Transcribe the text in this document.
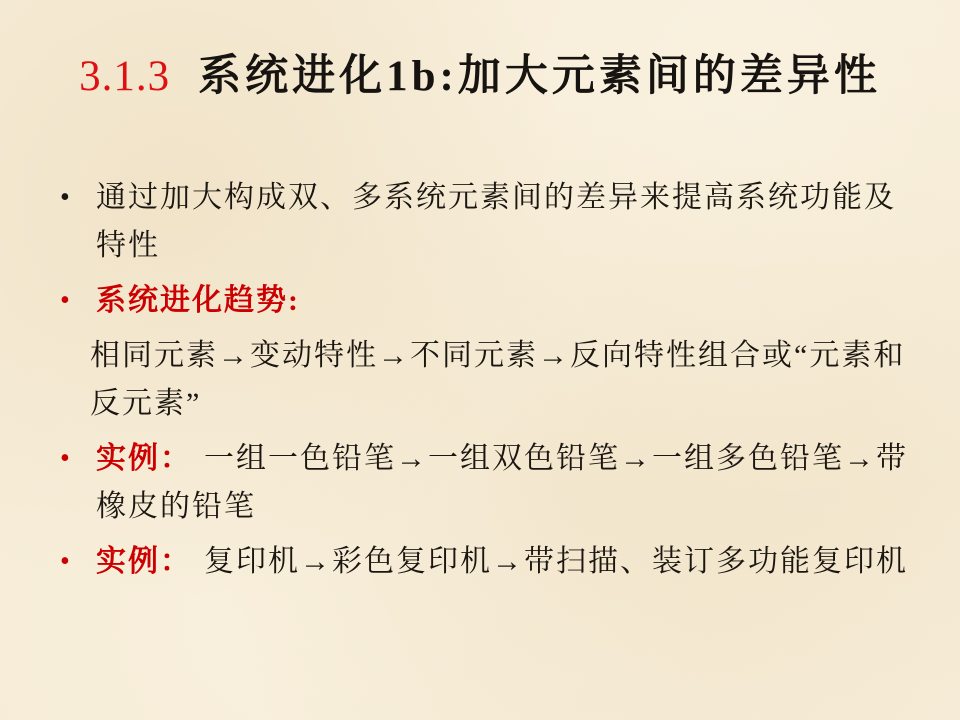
3.1.3 系统进化1b:加大元素间的差异性
• 通过加大构成双、多系统元素间的差异来提高系统功能及特性
• 系统进化趋势:
相同元素→变动特性→不同元素→反向特性组合或“元素和反元素”
• 实例： 一组一色铅笔→一组双色铅笔→一组多色铅笔→带橡皮的铅笔
• 实例： 复印机→彩色复印机→带扫描、装订多功能复印机
